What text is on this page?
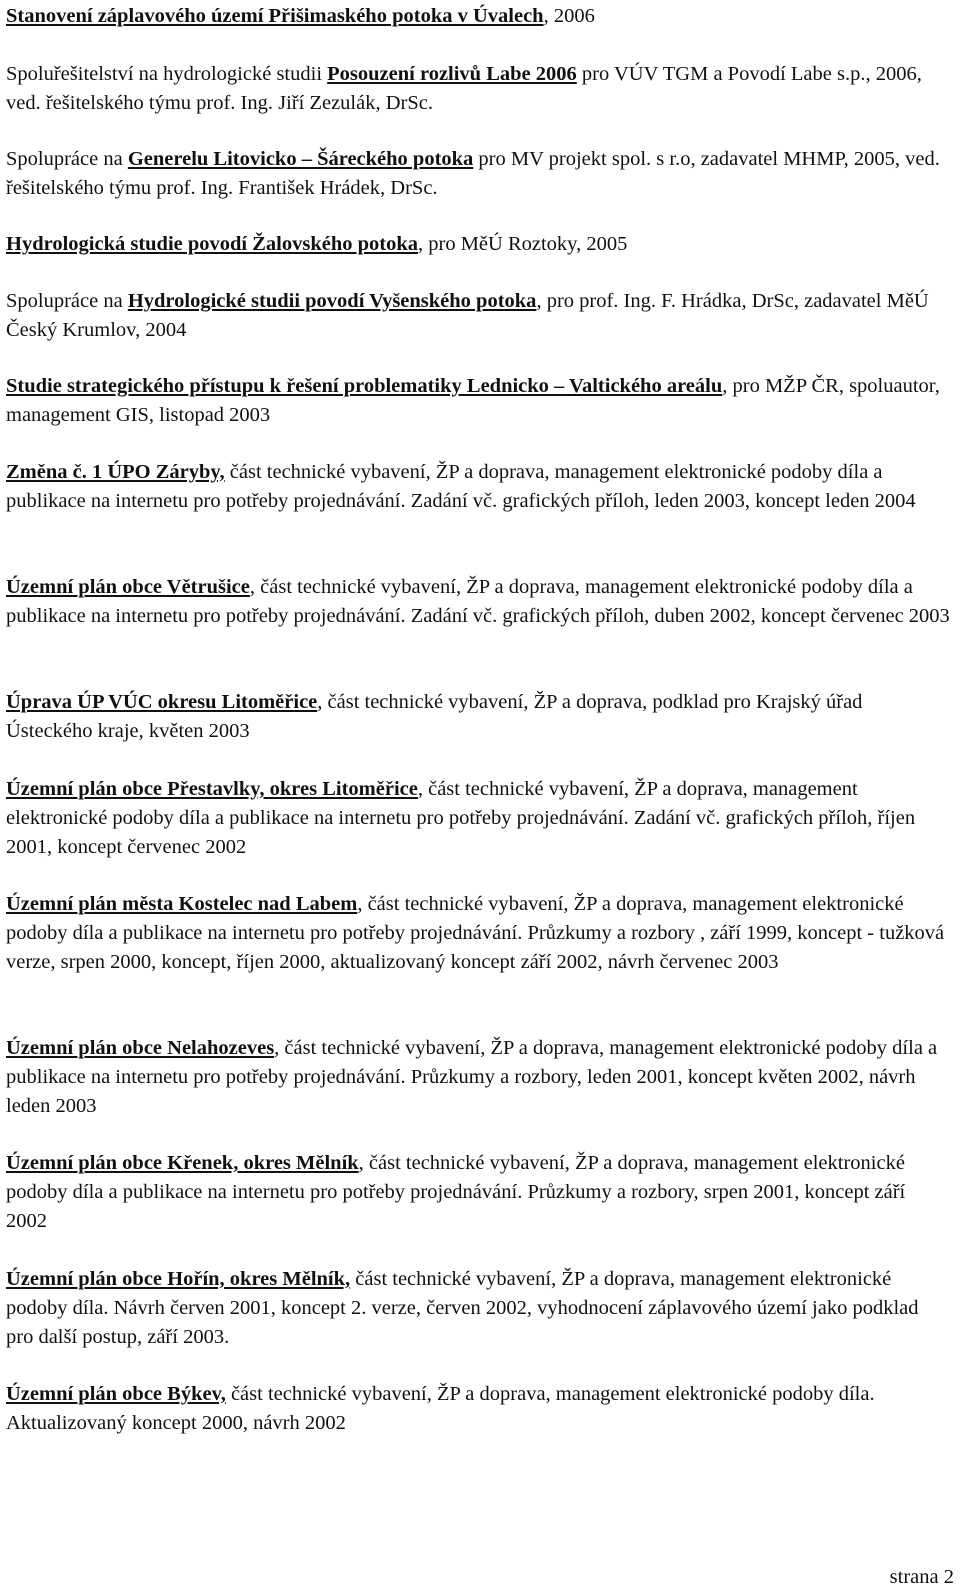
Stanovení záplavového území Přišimaského potoka v Úvalech, 2006

Spoluřešitelství na hydrologické studii Posouzení rozlivů Labe 2006 pro VÚV TGM a Povodí Labe s.p., 2006, ved. řešitelského týmu prof. Ing. Jiří Zezulák, DrSc.

Spolupráce na Generelu Litovicko – Šáreckého potoka pro MV projekt spol. s r.o, zadavatel MHMP, 2005, ved. řešitelského týmu prof. Ing. František Hrádek, DrSc.

Hydrologická studie povodí Žalovského potoka, pro MěÚ Roztoky, 2005

Spolupráce na Hydrologické studii povodí Vyšenského potoka, pro prof. Ing. F. Hrádka, DrSc, zadavatel MěÚ Český Krumlov, 2004

Studie strategického přístupu k řešení problematiky Lednicko – Valtického areálu, pro MŽP ČR, spoluautor, management GIS, listopad 2003

Změna č. 1 ÚPO Záryby, část technické vybavení, ŽP a doprava, management elektronické podoby díla a publikace na internetu pro potřeby projednávání. Zadání vč. grafických příloh, leden 2003, koncept leden 2004

Územní plán obce Větrušice, část technické vybavení, ŽP a doprava, management elektronické podoby díla a publikace na internetu pro potřeby projednávání. Zadání vč. grafických příloh, duben 2002, koncept červenec 2003

Úprava ÚP VÚC okresu Litoměřice, část technické vybavení, ŽP a doprava, podklad pro Krajský úřad Ústeckého kraje, květen 2003

Územní plán obce Přestavlky, okres Litoměřice, část technické vybavení, ŽP a doprava, management elektronické podoby díla a publikace na internetu pro potřeby projednávání. Zadání vč. grafických příloh, říjen 2001, koncept červenec 2002

Územní plán města Kostelec nad Labem, část technické vybavení, ŽP a doprava, management elektronické podoby díla a publikace na internetu pro potřeby projednávání. Průzkumy a rozbory , září 1999, koncept - tužková verze, srpen 2000, koncept, říjen 2000, aktualizovaný koncept září 2002, návrh červenec 2003

Územní plán obce Nelahozeves, část technické vybavení, ŽP a doprava, management elektronické podoby díla a publikace na internetu pro potřeby projednávání. Průzkumy a rozbory, leden 2001, koncept květen 2002, návrh leden 2003

Územní plán obce Křenek, okres Mělník, část technické vybavení, ŽP a doprava, management elektronické podoby díla a publikace na internetu pro potřeby projednávání. Průzkumy a rozbory, srpen 2001, koncept září 2002

Územní plán obce Hořín, okres Mělník, část technické vybavení, ŽP a doprava, management elektronické podoby díla. Návrh červen 2001, koncept 2. verze, červen 2002, vyhodnocení záplavového území jako podklad pro další postup, září 2003.

Územní plán obce Býkev, část technické vybavení, ŽP a doprava, management elektronické podoby díla. Aktualizovaný koncept 2000, návrh 2002

strana 2
